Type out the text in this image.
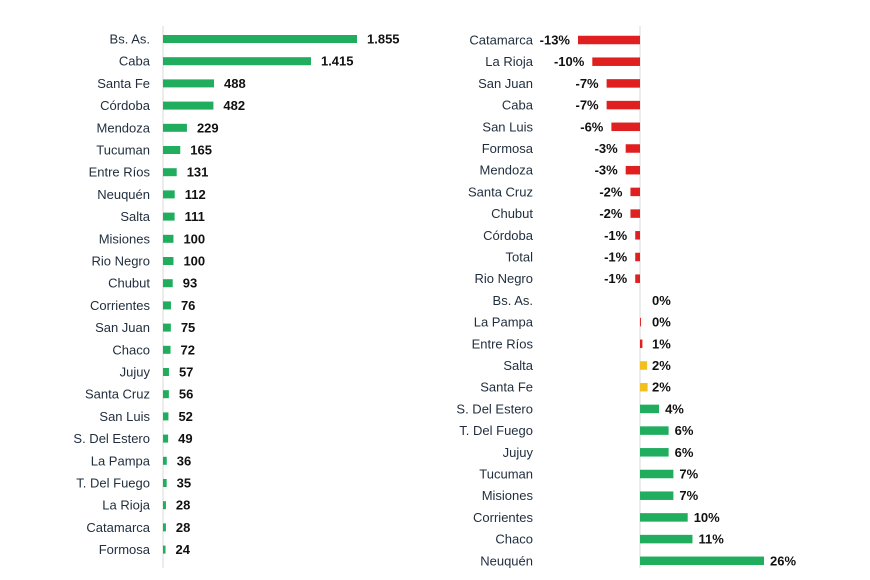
Bs. As.	1.855
Caba	1.415
Santa Fe	488
Córdoba	482
Mendoza	229
Tucuman	165
Entre Ríos	131
Neuquén	112
Salta	111
Misiones	100
Rio Negro	100
Chubut	93
Corrientes 76
San Juan 75
Chaco 72
Jujuy 57
Santa Cruz 56
San Luis 52
S. Del Estero 49
La Pampa 36
T. Del Fuego 35
La Rioja 28
Catamarca 28
Formosa 24
Catamarca -13%
La Rioja -10%
San Juan	-7%
Caba	-7%
San Luis	-6%
Formosa	-3%
Mendoza	-3%
Santa Cruz	-2%
Chubut	-2%
Córdoba	-1%
Total	-1%
Rio Negro	-1%
Bs. As.	0%
La Pampa	0%
Entre Ríos	1%
Salta	2%
Santa Fe	2%
S. Del Estero	4%
T. Del Fuego	6%
Jujuy	6%
Tucuman	7%
Misiones	7%
Corrientes	10%
Chaco	11%
Neuquén	26%
